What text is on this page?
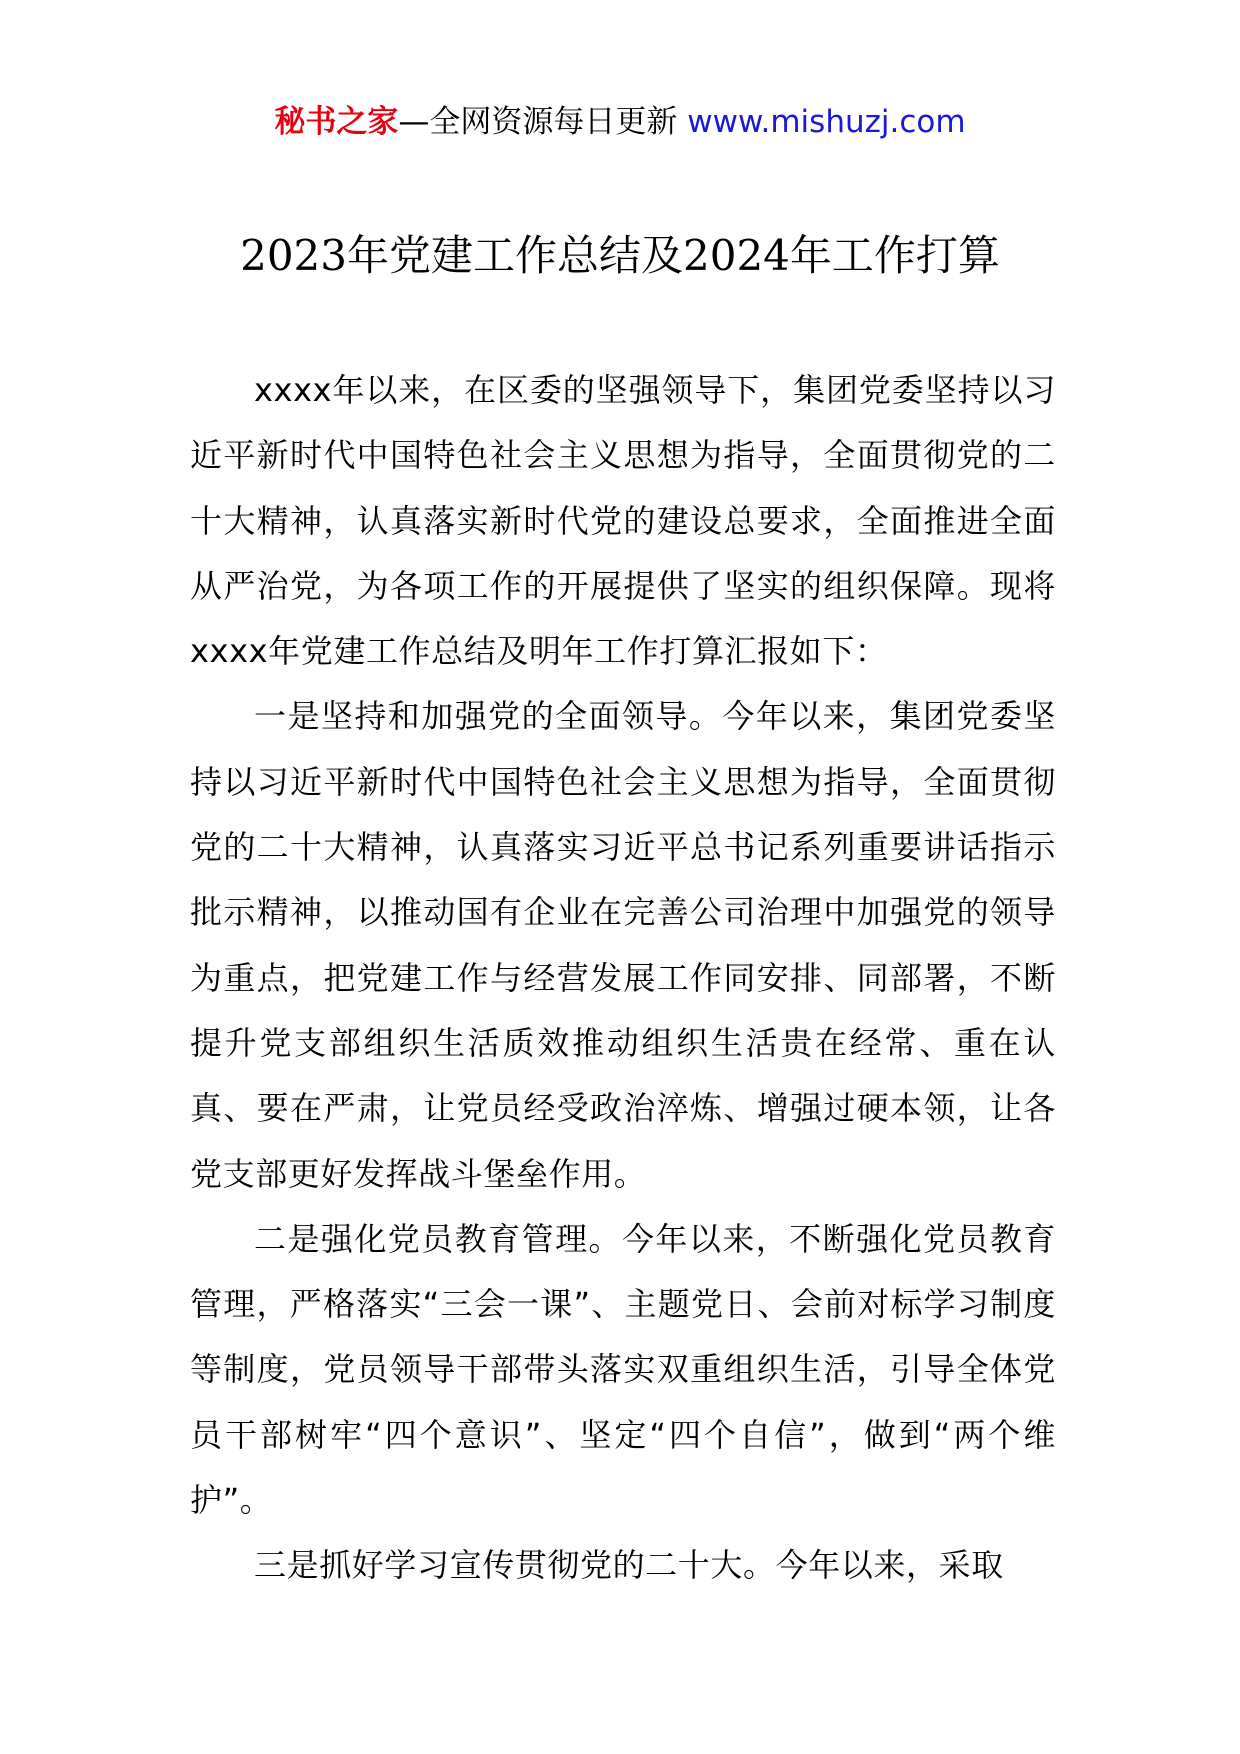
秘书之家—全网资源每日更新 www.mishuzj.com
2023年党建工作总结及2024年工作打算

xxxx年以来，在区委的坚强领导下，集团党委坚持以习近平新时代中国特色社会主义思想为指导，全面贯彻党的二十大精神，认真落实新时代党的建设总要求，全面推进全面从严治党，为各项工作的开展提供了坚实的组织保障。现将xxxx年党建工作总结及明年工作打算汇报如下：

一是坚持和加强党的全面领导。今年以来，集团党委坚持以习近平新时代中国特色社会主义思想为指导，全面贯彻党的二十大精神，认真落实习近平总书记系列重要讲话指示批示精神，以推动国有企业在完善公司治理中加强党的领导为重点，把党建工作与经营发展工作同安排、同部署，不断提升党支部组织生活质效推动组织生活贵在经常、重在认真、要在严肃，让党员经受政治淬炼、增强过硬本领，让各党支部更好发挥战斗堡垒作用。

二是强化党员教育管理。今年以来，不断强化党员教育管理，严格落实“三会一课”、主题党日、会前对标学习制度等制度，党员领导干部带头落实双重组织生活，引导全体党员干部树牢“四个意识”、坚定“四个自信”，做到“两个维护”。

三是抓好学习宣传贯彻党的二十大。今年以来，采取
